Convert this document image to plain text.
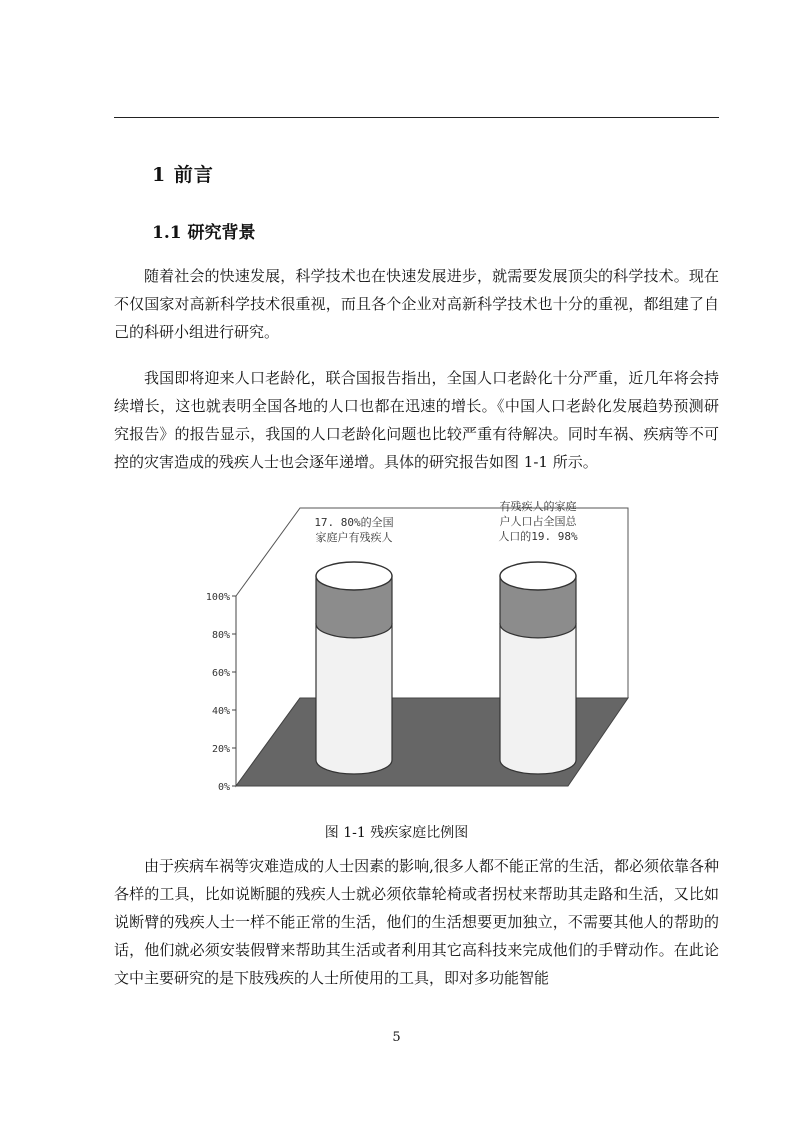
1 前言
1.1 研究背景

随着社会的快速发展，科学技术也在快速发展进步，就需要发展顶尖的科学技术。现在不仅国家对高新科学技术很重视，而且各个企业对高新科学技术也十分的重视，都组建了自己的科研小组进行研究。

我国即将迎来人口老龄化，联合国报告指出，全国人口老龄化十分严重，近几年将会持续增长，这也就表明全国各地的人口也都在迅速的增长。《中国人口老龄化发展趋势预测研究报告》的报告显示，我国的人口老龄化问题也比较严重有待解决。同时车祸、疾病等不可控的灾害造成的残疾人士也会逐年递增。具体的研究报告如图 1-1 所示。

0%
20%
40%
60%
80%
100%
17. 80%的全国
家庭户有残疾人
有残疾人的家庭
户人口占全国总
人口的19. 98%
图 1-1 残疾家庭比例图

由于疾病车祸等灾难造成的人士因素的影响,很多人都不能正常的生活，都必须依靠各种各样的工具，比如说断腿的残疾人士就必须依靠轮椅或者拐杖来帮助其走路和生活，又比如说断臂的残疾人士一样不能正常的生活，他们的生活想要更加独立，不需要其他人的帮助的话，他们就必须安装假臂来帮助其生活或者利用其它高科技来完成他们的手臂动作。在此论文中主要研究的是下肢残疾的人士所使用的工具，即对多功能智能

5
